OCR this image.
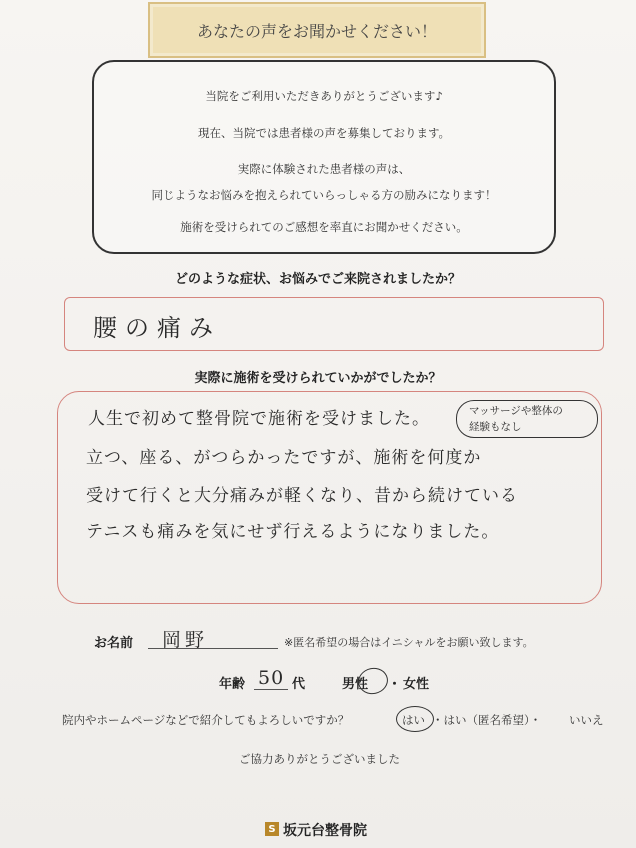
あなたの声をお聞かせください！
当院をご利用いただきありがとうございます♪
現在、当院では患者様の声を募集しております。
実際に体験された患者様の声は、
同じようなお悩みを抱えられていらっしゃる方の励みになります！
施術を受けられてのご感想を率直にお聞かせください。
どのような症状、お悩みでご来院されましたか？
腰の痛み
実際に施術を受けられていかがでしたか？
人生で初めて整骨院で施術を受けました。
立つ、座る、がつらかったですが、施術を何度か
受けて行くと大分痛みが軽くなり、昔から続けている
テニスも痛みを気にせず行えるようになりました。
マッサージや整体の
経験もなし
お名前 岡野	※匿名希望の場合はイニシャルをお願い致します。
年齢 50 代	男性 ・ 女性
院内やホームページなどで紹介してもよろしいですか？	はい ・はい（匿名希望）・ いいえ
ご協力ありがとうございました
S 坂元台整骨院
